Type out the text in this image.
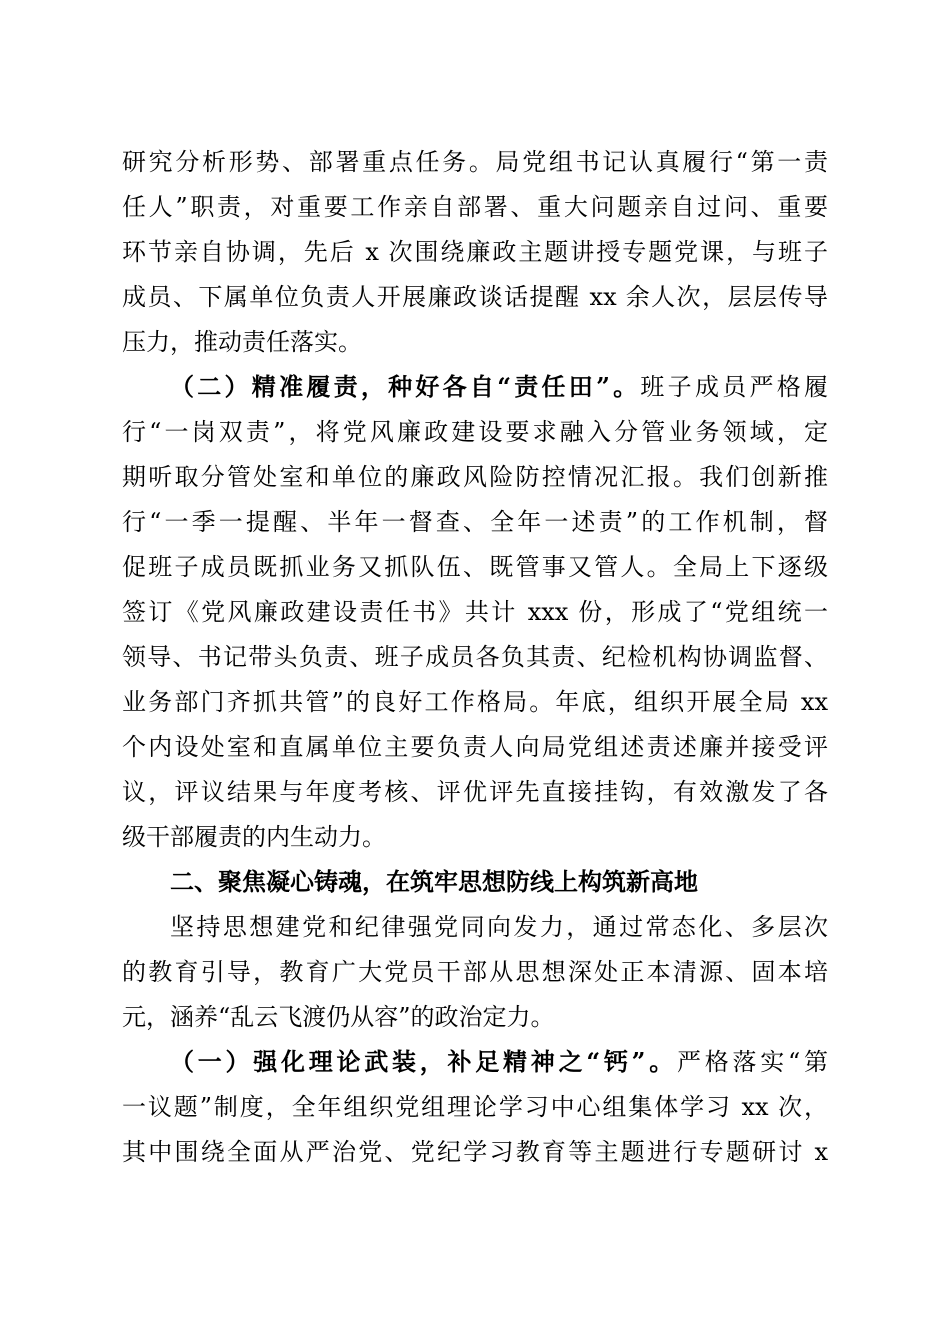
研究分析形势、部署重点任务。局党组书记认真履行“第一责
任人”职责，对重要工作亲自部署、重大问题亲自过问、重要
环节亲自协调，先后 x 次围绕廉政主题讲授专题党课，与班子
成员、下属单位负责人开展廉政谈话提醒 xx 余人次，层层传导
压力，推动责任落实。
（二）精准履责，种好各自“责任田”。班子成员严格履
行“一岗双责”，将党风廉政建设要求融入分管业务领域，定
期听取分管处室和单位的廉政风险防控情况汇报。我们创新推
行“一季一提醒、半年一督查、全年一述责”的工作机制，督
促班子成员既抓业务又抓队伍、既管事又管人。全局上下逐级
签订《党风廉政建设责任书》共计 xxx 份，形成了“党组统一
领导、书记带头负责、班子成员各负其责、纪检机构协调监督、
业务部门齐抓共管”的良好工作格局。年底，组织开展全局 xx
个内设处室和直属单位主要负责人向局党组述责述廉并接受评
议，评议结果与年度考核、评优评先直接挂钩，有效激发了各
级干部履责的内生动力。
二、聚焦凝心铸魂，在筑牢思想防线上构筑新高地
坚持思想建党和纪律强党同向发力，通过常态化、多层次
的教育引导，教育广大党员干部从思想深处正本清源、固本培
元，涵养“乱云飞渡仍从容”的政治定力。
（一）强化理论武装，补足精神之“钙”。严格落实“第
一议题”制度，全年组织党组理论学习中心组集体学习 xx 次，
其中围绕全面从严治党、党纪学习教育等主题进行专题研讨 x
